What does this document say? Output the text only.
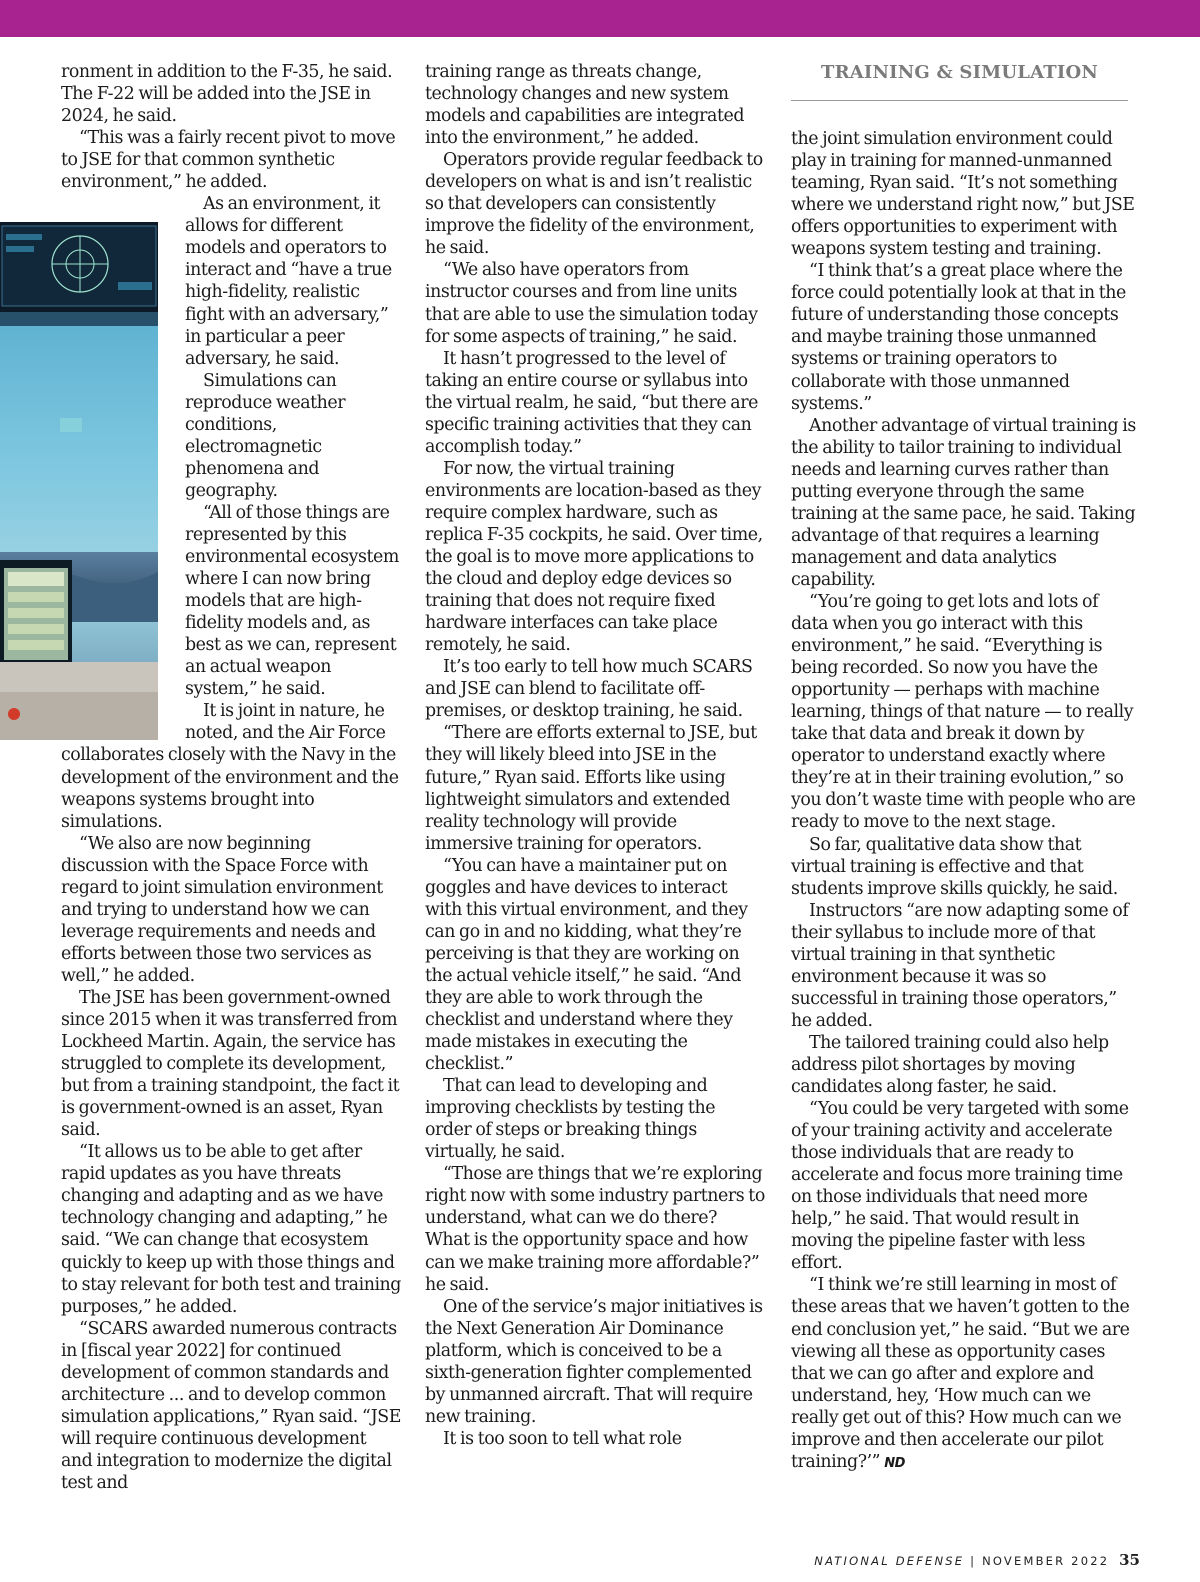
ronment in addition to the F-35, he said. The F-22 will be added into the JSE in 2024, he said.

“This was a fairly recent pivot to move to JSE for that common synthetic environment,” he added.

As an environment, it allows for different models and operators to interact and “have a true high-fidelity, realistic fight with an adversary,” in particular a peer adversary, he said.

Simulations can reproduce weather conditions, electromagnetic phenomena and geography.

“All of those things are represented by this environmental ecosystem where I can now bring models that are high-fidelity models and, as best as we can, represent an actual weapon system,” he said.

It is joint in nature, he noted, and the Air Force collaborates closely with the Navy in the development of the environment and the weapons systems brought into simulations.

“We also are now beginning discussion with the Space Force with regard to joint simulation environment and trying to understand how we can leverage requirements and needs and efforts between those two services as well,” he added.

The JSE has been government-owned since 2015 when it was transferred from Lockheed Martin. Again, the service has struggled to complete its development, but from a training standpoint, the fact it is government-owned is an asset, Ryan said.

“It allows us to be able to get after rapid updates as you have threats changing and adapting and as we have technology changing and adapting,” he said. “We can change that ecosystem quickly to keep up with those things and to stay relevant for both test and training purposes,” he added.

“SCARS awarded numerous contracts in [fiscal year 2022] for continued development of common standards and architecture ... and to develop common simulation applications,” Ryan said. “JSE will require continuous development and integration to modernize the digital test and

training range as threats change, technology changes and new system models and capabilities are integrated into the environment,” he added.

Operators provide regular feedback to developers on what is and isn’t realistic so that developers can consistently improve the fidelity of the environment, he said.

“We also have operators from instructor courses and from line units that are able to use the simulation today for some aspects of training,” he said.

It hasn’t progressed to the level of taking an entire course or syllabus into the virtual realm, he said, “but there are specific training activities that they can accomplish today.”

For now, the virtual training environments are location-based as they require complex hardware, such as replica F-35 cockpits, he said. Over time, the goal is to move more applications to the cloud and deploy edge devices so training that does not require fixed hardware interfaces can take place remotely, he said.

It’s too early to tell how much SCARS and JSE can blend to facilitate off-premises, or desktop training, he said.

“There are efforts external to JSE, but they will likely bleed into JSE in the future,” Ryan said. Efforts like using lightweight simulators and extended reality technology will provide immersive training for operators.

“You can have a maintainer put on goggles and have devices to interact with this virtual environment, and they can go in and no kidding, what they’re perceiving is that they are working on the actual vehicle itself,” he said. “And they are able to work through the checklist and understand where they made mistakes in executing the checklist.”

That can lead to developing and improving checklists by testing the order of steps or breaking things virtually, he said.

“Those are things that we’re exploring right now with some industry partners to understand, what can we do there? What is the opportunity space and how can we make training more affordable?” he said.

One of the service’s major initiatives is the Next Generation Air Dominance platform, which is conceived to be a sixth-generation fighter complemented by unmanned aircraft. That will require new training.

It is too soon to tell what role

TRAINING & SIMULATION

the joint simulation environment could play in training for manned-unmanned teaming, Ryan said. “It’s not something where we understand right now,” but JSE offers opportunities to experiment with weapons system testing and training.

“I think that’s a great place where the force could potentially look at that in the future of understanding those concepts and maybe training those unmanned systems or training operators to collaborate with those unmanned systems.”

Another advantage of virtual training is the ability to tailor training to individual needs and learning curves rather than putting everyone through the same training at the same pace, he said. Taking advantage of that requires a learning management and data analytics capability.

“You’re going to get lots and lots of data when you go interact with this environment,” he said. “Everything is being recorded. So now you have the opportunity — perhaps with machine learning, things of that nature — to really take that data and break it down by operator to understand exactly where they’re at in their training evolution,” so you don’t waste time with people who are ready to move to the next stage.

So far, qualitative data show that virtual training is effective and that students improve skills quickly, he said.

Instructors “are now adapting some of their syllabus to include more of that virtual training in that synthetic environment because it was so successful in training those operators,” he added.

The tailored training could also help address pilot shortages by moving candidates along faster, he said.

“You could be very targeted with some of your training activity and accelerate those individuals that are ready to accelerate and focus more training time on those individuals that need more help,” he said. That would result in moving the pipeline faster with less effort.

“I think we’re still learning in most of these areas that we haven’t gotten to the end conclusion yet,” he said. “But we are viewing all these as opportunity cases that we can go after and explore and understand, hey, ‘How much can we really get out of this? How much can we improve and then accelerate our pilot training?’” ND

NATIONAL DEFENSE | NOVEMBER 2022 35
